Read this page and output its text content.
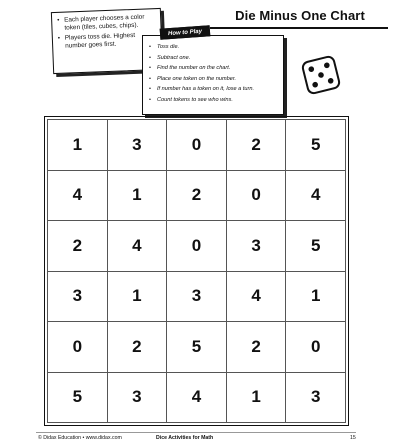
Die Minus One Chart
• Each player chooses a color token (tiles, cubes, chips).
• Players toss die. Highest number goes first.
•	Toss die.
• Subtract one.
• Find the number on the chart.
• Place one token on the number.
• If number has a token on it, lose a turn.
• Count tokens to see who wins.
How to Play
1	3	0	2	5
4	1	2	0	4
2	4	0	3	5
3	1	3	4	1
0	2	5	2	0
5	3	4	1	3
© Didax Education • www.didax.com	Dice Activities for Math	15
